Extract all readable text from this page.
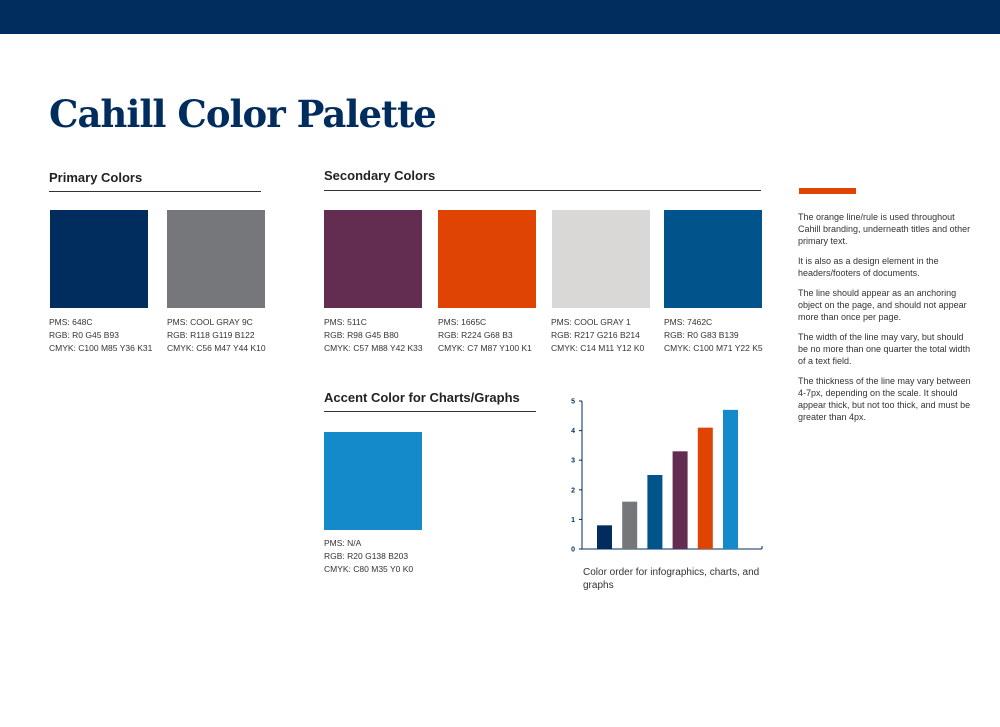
Cahill Color Palette
Primary Colors
PMS: 648C
RGB: R0 G45 B93
CMYK: C100 M85 Y36 K31
PMS: COOL GRAY 9C
RGB: R118 G119 B122
CMYK: C56 M47 Y44 K10
Secondary Colors
PMS: 511C
RGB: R98 G45 B80
CMYK: C57 M88 Y42 K33
PMS: 1665C
RGB: R224 G68 B3
CMYK: C7 M87 Y100 K1
PMS: COOL GRAY 1
RGB: R217 G216 B214
CMYK: C14 M11 Y12 K0
PMS: 7462C
RGB: R0 G83 B139
CMYK: C100 M71 Y22 K5
Accent Color for Charts/Graphs
PMS: N/A
RGB: R20 G138 B203
CMYK: C80 M35 Y0 K0
0
1
2
3
4
5
Color order for infographics, charts, and graphs

The orange line/rule is used throughout Cahill branding, underneath titles and other primary text.

It is also as a design element in the headers/footers of documents.

The line should appear as an anchoring object on the page, and should not appear more than once per page.

The width of the line may vary, but should be no more than one quarter the total width of a text field.

The thickness of the line may vary between 4-7px, depending on the scale. It should appear thick, but not too thick, and must be greater than 4px.
